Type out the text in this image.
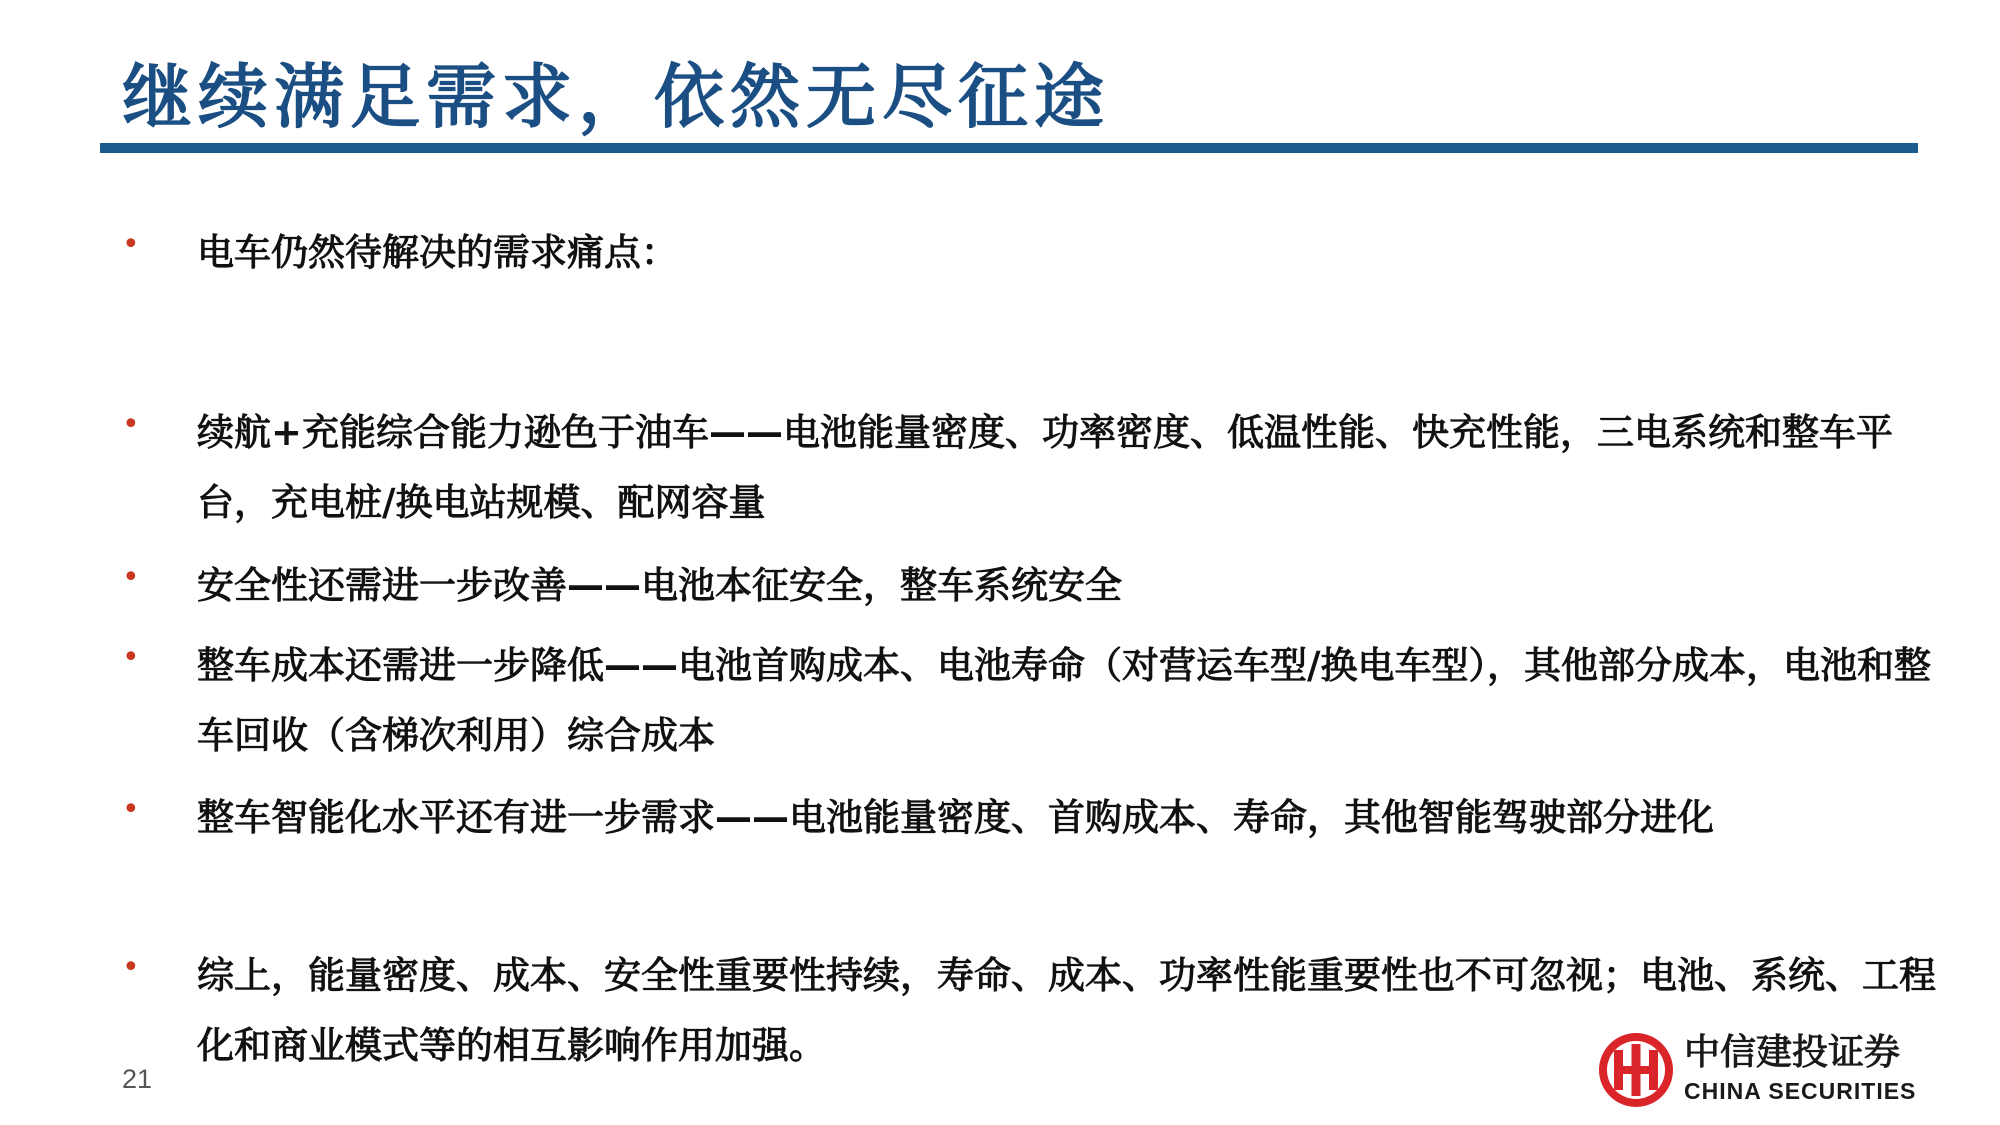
继续满足需求，依然无尽征途
• 电车仍然待解决的需求痛点：

• 续航+充能综合能力逊色于油车——电池能量密度、功率密度、低温性能、快充性能，三电系统和整车平台，充电桩/换电站规模、配网容量

• 安全性还需进一步改善——电池本征安全，整车系统安全

• 整车成本还需进一步降低——电池首购成本、电池寿命（对营运车型/换电车型），其他部分成本，电池和整车回收（含梯次利用）综合成本

• 整车智能化水平还有进一步需求——电池能量密度、首购成本、寿命，其他智能驾驶部分进化

• 综上，能量密度、成本、安全性重要性持续，寿命、成本、功率性能重要性也不可忽视；电池、系统、工程化和商业模式等的相互影响作用加强。

21
中信建投证券
CHINA SECURITIES
